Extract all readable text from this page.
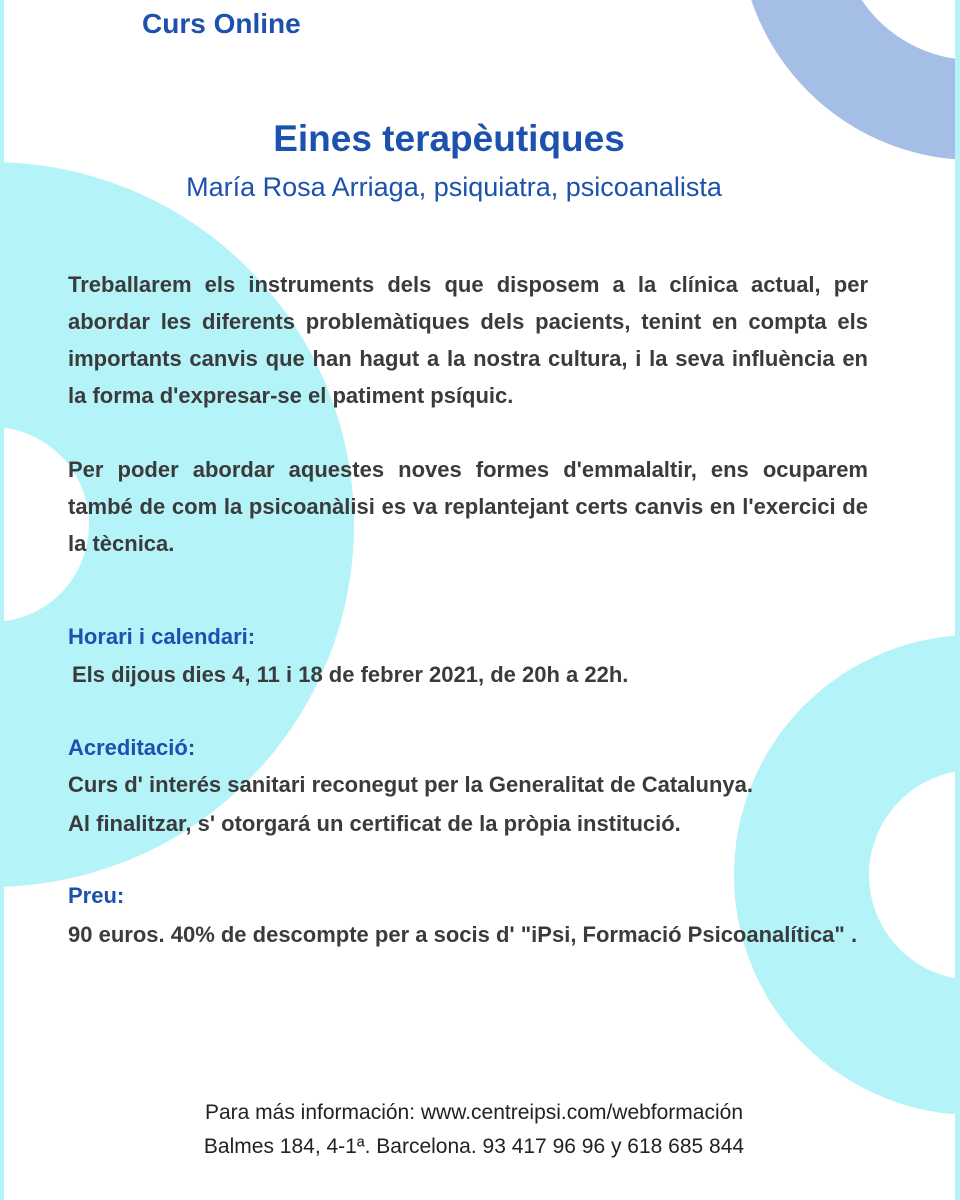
Curs Online

Eines terapèutiques

María Rosa Arriaga, psiquiatra, psicoanalista

Treballarem els instruments dels que disposem a la clínica actual, per abordar les diferents problemàtiques dels pacients, tenint en compta els importants canvis que han hagut a la nostra cultura, i la seva influència en la forma d'expresar-se el patiment psíquic.

Per poder abordar aquestes noves formes d'emmalaltir, ens ocuparem també de com la psicoanàlisi es va replantejant certs canvis en l'exercici de la tècnica.

Horari i calendari:

Els dijous dies 4, 11 i 18 de febrer 2021, de 20h a 22h.

Acreditació:

Curs d' interés sanitari reconegut per la Generalitat de Catalunya.

Al finalitzar, s' otorgará un certificat de la pròpia institució.

Preu:

90 euros. 40% de descompte per a socis d' "iPsi, Formació Psicoanalítica" .

Para más información: www.centreipsi.com/webformación

Balmes 184, 4-1ª. Barcelona. 93 417 96 96 y 618 685 844
